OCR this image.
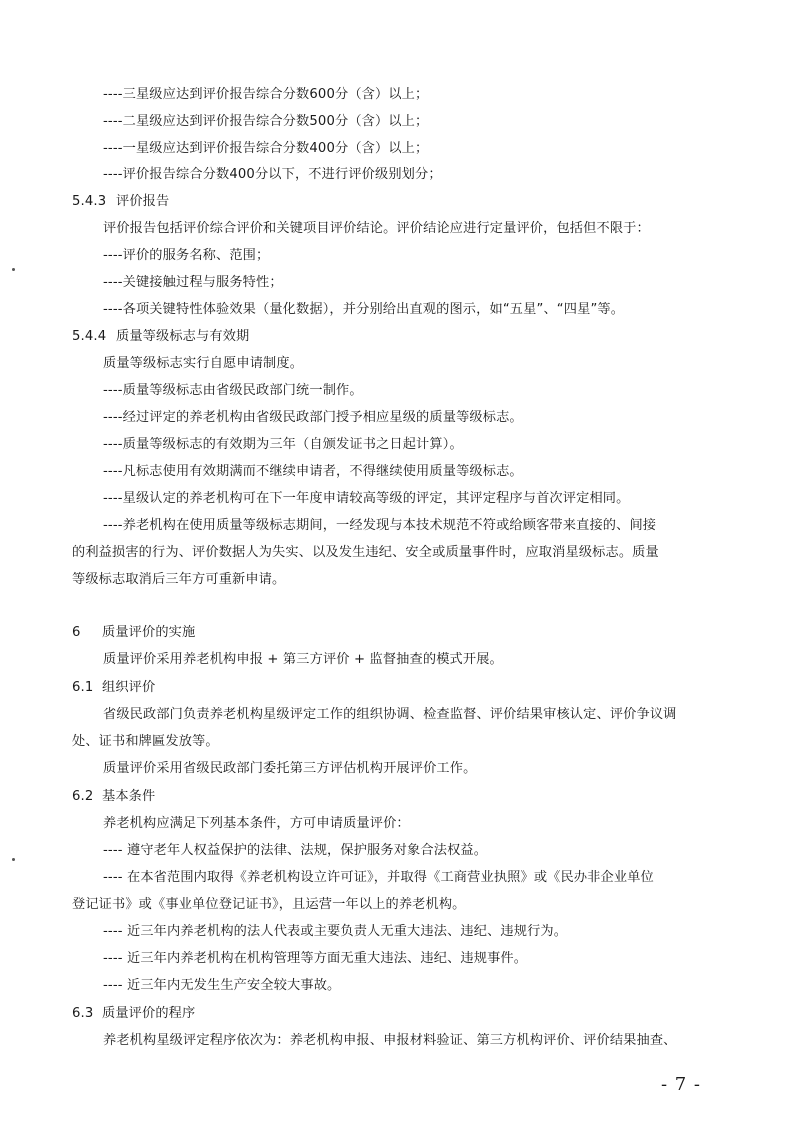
----三星级应达到评价报告综合分数600分（含）以上；
----二星级应达到评价报告综合分数500分（含）以上；
----一星级应达到评价报告综合分数400分（含）以上；
----评价报告综合分数400分以下，不进行评价级别划分；
5.4.3 评价报告
评价报告包括评价综合评价和关键项目评价结论。评价结论应进行定量评价，包括但不限于：
----评价的服务名称、范围；
----关键接触过程与服务特性；
----各项关键特性体验效果（量化数据），并分别给出直观的图示，如“五星”、“四星”等。
5.4.4 质量等级标志与有效期
质量等级标志实行自愿申请制度。
----质量等级标志由省级民政部门统一制作。
----经过评定的养老机构由省级民政部门授予相应星级的质量等级标志。
----质量等级标志的有效期为三年（自颁发证书之日起计算）。
----凡标志使用有效期满而不继续申请者，不得继续使用质量等级标志。
----星级认定的养老机构可在下一年度申请较高等级的评定，其评定程序与首次评定相同。
----养老机构在使用质量等级标志期间，一经发现与本技术规范不符或给顾客带来直接的、间接
的利益损害的行为、评价数据人为失实、以及发生违纪、安全或质量事件时，应取消星级标志。质量
等级标志取消后三年方可重新申请。
6 质量评价的实施
质量评价采用养老机构申报 + 第三方评价 + 监督抽查的模式开展。
6.1 组织评价
省级民政部门负责养老机构星级评定工作的组织协调、检查监督、评价结果审核认定、评价争议调
处、证书和牌匾发放等。
质量评价采用省级民政部门委托第三方评估机构开展评价工作。
6.2 基本条件
养老机构应满足下列基本条件，方可申请质量评价：
---- 遵守老年人权益保护的法律、法规，保护服务对象合法权益。
---- 在本省范围内取得《养老机构设立许可证》，并取得《工商营业执照》或《民办非企业单位
登记证书》或《事业单位登记证书》，且运营一年以上的养老机构。
---- 近三年内养老机构的法人代表或主要负责人无重大违法、违纪、违规行为。
---- 近三年内养老机构在机构管理等方面无重大违法、违纪、违规事件。
---- 近三年内无发生生产安全较大事故。
6.3 质量评价的程序
养老机构星级评定程序依次为：养老机构申报、申报材料验证、第三方机构评价、评价结果抽查、
- 7 -
